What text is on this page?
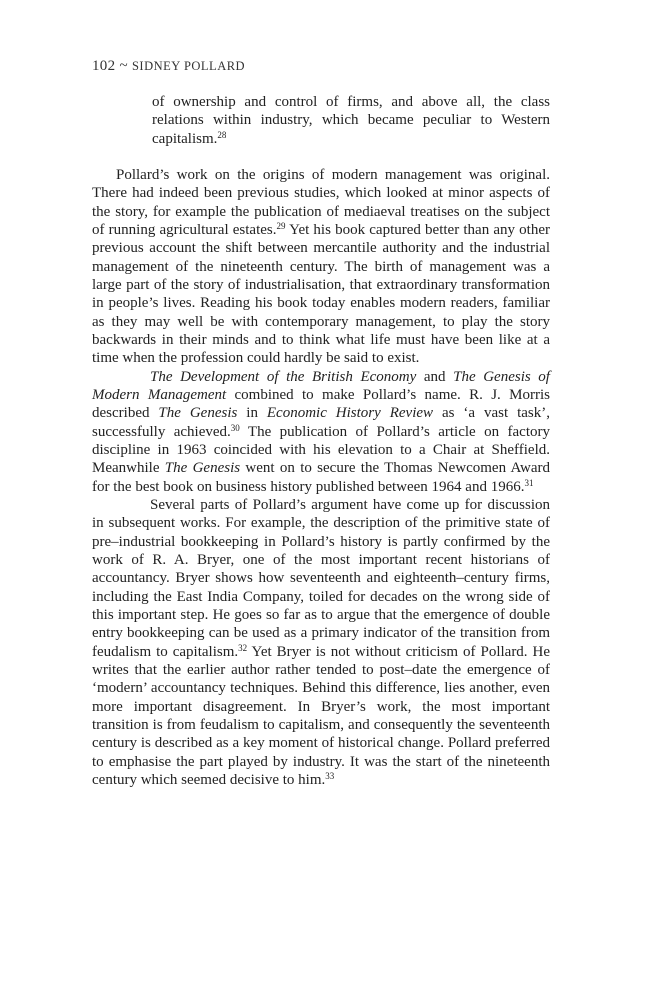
102 ~ SIDNEY POLLARD
of ownership and control of firms, and above all, the class relations within industry, which became peculiar to Western capitalism.$^{28}$

Pollard’s work on the origins of modern management was original. There had indeed been previous studies, which looked at minor aspects of the story, for example the publication of mediaeval treatises on the subject of running agricultural estates.$^{29}$ Yet his book captured better than any other previous account the shift between mercantile authority and the industrial management of the nineteenth century. The birth of management was a large part of the story of industrialisation, that extraordinary transformation in people’s lives. Reading his book today enables modern readers, familiar as they may well be with contemporary management, to play the story backwards in their minds and to think what life must have been like at a time when the profession could hardly be said to exist.

The Development of the British Economy and The Genesis of Modern Management combined to make Pollard’s name. R. J. Morris described The Genesis in Economic History Review as ‘a vast task’, successfully achieved.$^{30}$ The publication of Pollard’s article on factory discipline in 1963 coincided with his elevation to a Chair at Sheffield. Meanwhile The Genesis went on to secure the Thomas Newcomen Award for the best book on business history published between 1964 and 1966.31

Several parts of Pollard’s argument have come up for discussion in subsequent works. For example, the description of the primitive state of pre–industrial bookkeeping in Pollard’s history is partly confirmed by the work of R. A. Bryer, one of the most important recent historians of accountancy. Bryer shows how seventeenth and eighteenth–century firms, including the East India Company, toiled for decades on the wrong side of this important step. He goes so far as to argue that the emergence of double entry bookkeeping can be used as a primary indicator of the transition from feudalism to capitalism.$^{32}$ Yet Bryer is not without criticism of Pollard. He writes that the earlier author rather tended to post–date the emergence of ‘modern’ accountancy techniques. Behind this difference, lies another, even more important disagreement. In Bryer’s work, the most important transition is from feudalism to capitalism, and consequently the seventeenth century is described as a key moment of historical change. Pollard preferred to emphasise the part played by industry. It was the start of the nineteenth century which seemed decisive to him.$^{33}$
